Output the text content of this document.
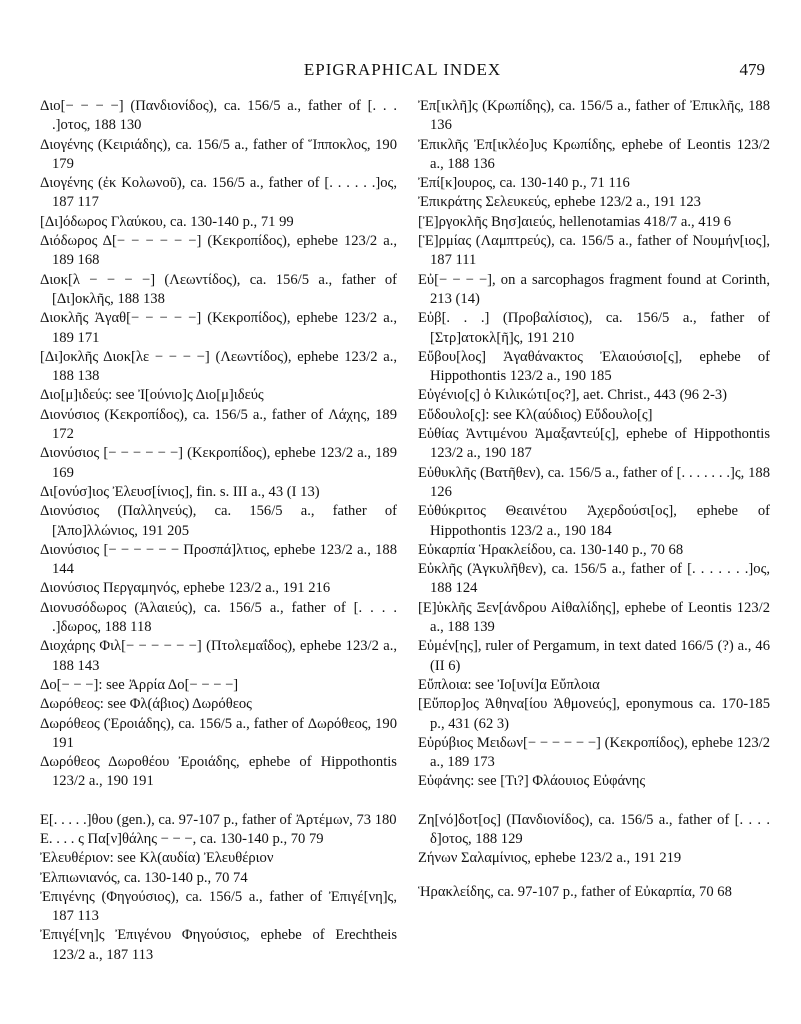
EPIGRAPHICAL INDEX	479

Διο[− − − −] (Πανδιονίδος), ca. 156/5 a., father of [. . . .]οτος, 188 130

Διογένης (Κειριάδης), ca. 156/5 a., father of Ἵππoκλος, 190 179

Διογένης (ἐκ Κολωνοῦ), ca. 156/5 a., father of [. . . . . .]ος, 187 117

[Δι]όδωρος Γλαύκου, ca. 130-140 p., 71 99

Διόδωρος Δ[− − − − − −] (Κεκροπίδος), ephebe 123/2 a., 189 168

Διοκ[λ − − − −] (Λεωντίδος), ca. 156/5 a., father of [Δι]οκλῆς, 188 138

Διοκλῆς Ἀγαθ[− − − − −] (Κεκροπίδος), ephebe 123/2 a., 189 171

[Δι]οκλῆς Διοκ[λε − − − −] (Λεωντίδος), ephebe 123/2 a., 188 138

Διο[μ]ιδεύς: see Ἰ[ούνιο]ς Διο[μ]ιδεύς

Διονύσιος (Κεκροπίδος), ca. 156/5 a., father of Λάχης, 189 172

Διονύσιος [− − − − − −] (Κεκροπίδος), ephebe 123/2 a., 189 169

Δι[ονύσ]ιος Ἐλευσ[ίνιος], fin. s. III a., 43 (I 13)

Διονύσιος (Παλληνεύς), ca. 156/5 a., father of [Ἀπο]λλώνιος, 191 205

Διονύσιος [− − − − − − Προσπά]λτιος, ephebe 123/2 a., 188 144

Διονύσιος Περγαμηνός, ephebe 123/2 a., 191 216

Διονυσόδωρος (Ἁλαιεύς), ca. 156/5 a., father of [. . . . .]δωρος, 188 118

Διοχάρης Φιλ[− − − − − −] (Πτολεμαΐδος), ephebe 123/2 a., 188 143

Δο[− − −]: see Ἀρρία Δο[− − − −]

Δωρόθεος: see Φλ(άβιος) Δωρόθεος

Δωρόθεος (Ἐροιάδης), ca. 156/5 a., father of Δωρόθεος, 190 191

Δωρόθεος Δωροθέου Ἐροιάδης, ephebe of Hippothontis 123/2 a., 190 191

Ε[. . . . .]θου (gen.), ca. 97-107 p., father of Ἀρτέμων, 73 180

Ε. . . . ς Πα[ν]θάλης − − −, ca. 130-140 p., 70 79

Ἐλευθέριον: see Κλ(αυδία) Ἐλευθέριον

Ἐλπιωνιανός, ca. 130-140 p., 70 74

Ἐπιγένης (Φηγούσιος), ca. 156/5 a., father of Ἐπιγέ[νη]ς, 187 113

Ἐπιγέ[νη]ς Ἐπιγένου Φηγούσιος, ephebe of Erechtheis 123/2 a., 187 113

Ἐπ[ικλῆ]ς (Κρωπίδης), ca. 156/5 a., father of Ἐπικλῆς, 188 136

Ἐπικλῆς Ἐπ[ικλέο]υς Κρωπίδης, ephebe of Leontis 123/2 a., 188 136

Ἐπί[κ]ουρος, ca. 130-140 p., 71 116

Ἐπικράτης Σελευκεύς, ephebe 123/2 a., 191 123

[Ἐ]ργοκλῆς Βησ]αιεύς, hellenotamias 418/7 a., 419 6

[Ἑ]ρμίας (Λαμπτρεύς), ca. 156/5 a., father of Νουμήν[ιος], 187 111

Εὐ[− − − −], on a sarcophagos fragment found at Corinth, 213 (14)

Εὐβ[. . .] (Προβαλίσιος), ca. 156/5 a., father of [Στρ]ατοκλ[ῆ]ς, 191 210

Εὔβου[λος] Ἀγαθάνακτος Ἐλαιούσιο[ς], ephebe of Hippothontis 123/2 a., 190 185

Εὐγένιο[ς] ὁ Κιλικώτι[ος?], aet. Christ., 443 (96 2-3)

Εὔδουλο[ς]: see Κλ(αύδιος) Εὔδουλο[ς]

Εὐθίας Ἀντιμένου Ἀμαξαντεύ[ς], ephebe of Hippothontis 123/2 a., 190 187

Εὐθυκλῆς (Βατῆθεν), ca. 156/5 a., father of [. . . . . . .]ς, 188 126

Εὐθύκριτος Θεαινέτου Ἀχερδούσι[ος], ephebe of Hippothontis 123/2 a., 190 184

Εὐκαρπία Ἡρακλείδου, ca. 130-140 p., 70 68

Εὐκλῆς (Ἀγκυλῆθεν), ca. 156/5 a., father of [. . . . . . .]ος, 188 124

[Ε]ὐκλῆς Ξεν[άνδρου Αἰθαλίδης], ephebe of Leontis 123/2 a., 188 139

Εὐμέν[ης], ruler of Pergamum, in text dated 166/5 (?) a., 46 (II 6)

Εὔπλοια: see Ἰο[υνί]α Εὔπλοια

[Εὔπορ]ος Ἀθηνα[ίου Ἀθμονεύς], eponymous ca. 170-185 p., 431 (62 3)

Εὐρύβιος Μειδων[− − − − − −] (Κεκροπίδος), ephebe 123/2 a., 189 173

Εὐφάνης: see [Τι?] Φλάουιος Εὐφάνης

Ζη[νό]δοτ[ος] (Πανδιονίδος), ca. 156/5 a., father of [. . . . δ]οτος, 188 129

Ζήνων Σαλαμίνιος, ephebe 123/2 a., 191 219

Ἡρακλείδης, ca. 97-107 p., father of Εὐκαρπία, 70 68
